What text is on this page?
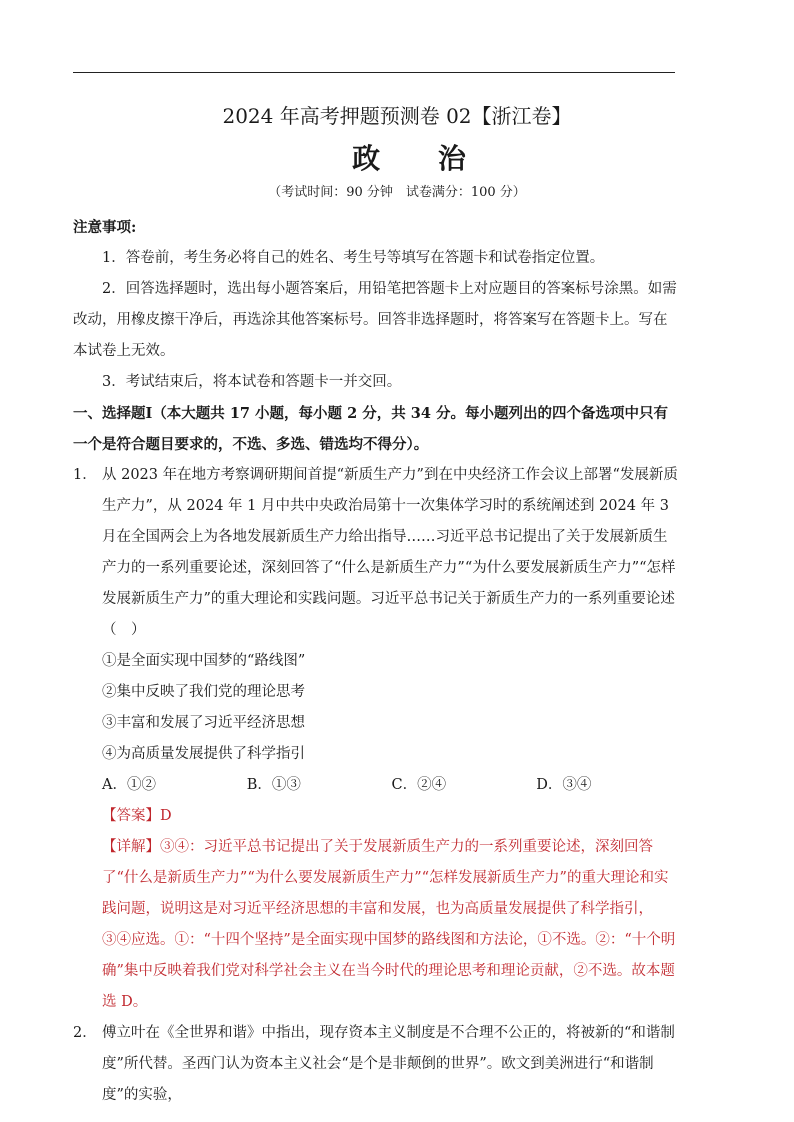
2024 年高考押题预测卷 02【浙江卷】
政 治
（考试时间：90 分钟　试卷满分：100 分）

注意事项:

1．答卷前，考生务必将自己的姓名、考生号等填写在答题卡和试卷指定位置。

2．回答选择题时，选出每小题答案后，用铅笔把答题卡上对应题目的答案标号涂黑。如需改动，用橡皮擦干净后，再选涂其他答案标号。回答非选择题时，将答案写在答题卡上。写在本试卷上无效。

3．考试结束后，将本试卷和答题卡一并交回。

一、选择题Ⅰ（本大题共 17 小题，每小题 2 分，共 34 分。每小题列出的四个备选项中只有一个是符合题目要求的，不选、多选、错选均不得分）。

1． 从 2023 年在地方考察调研期间首提“新质生产力”到在中央经济工作会议上部署“发展新质生产力”，从 2024 年 1 月中共中央政治局第十一次集体学习时的系统阐述到 2024 年 3 月在全国两会上为各地发展新质生产力给出指导……习近平总书记提出了关于发展新质生产力的一系列重要论述，深刻回答了“什么是新质生产力”“为什么要发展新质生产力”“怎样发展新质生产力”的重大理论和实践问题。习近平总书记关于新质生产力的一系列重要论述（　）
①是全面实现中国梦的“路线图”
②集中反映了我们党的理论思考
③丰富和发展了习近平经济思想
④为高质量发展提供了科学指引
A．①②	B．①③	C．②④	D．③④
【答案】D
【详解】③④：习近平总书记提出了关于发展新质生产力的一系列重要论述，深刻回答了“什么是新质生产力”“为什么要发展新质生产力”“怎样发展新质生产力”的重大理论和实践问题，说明这是对习近平经济思想的丰富和发展，也为高质量发展提供了科学指引，③④应选。①：“十四个坚持”是全面实现中国梦的路线图和方法论，①不选。②：“十个明确”集中反映着我们党对科学社会主义在当今时代的理论思考和理论贡献，②不选。故本题选 D。
2． 傅立叶在《全世界和谐》中指出，现存资本主义制度是不合理不公正的，将被新的“和谐制度”所代替。圣西门认为资本主义社会“是个是非颠倒的世界”。欧文到美洲进行“和谐制度”的实验，
